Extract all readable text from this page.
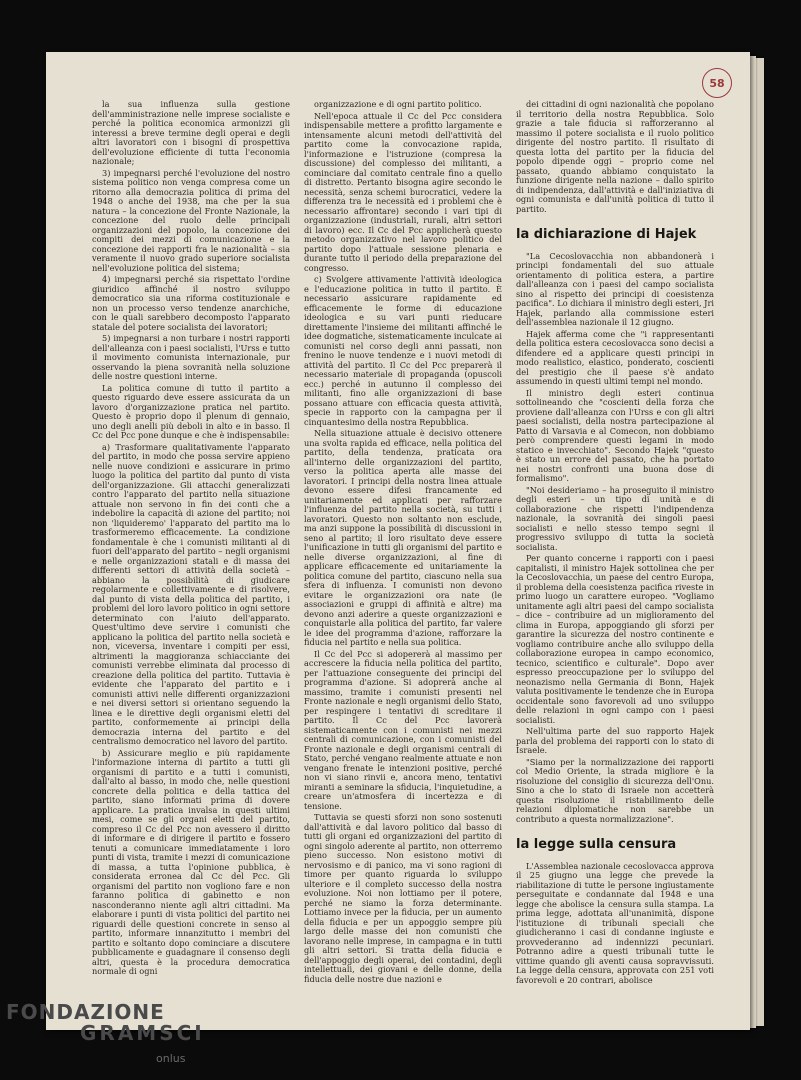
58

la sua influenza sulla gestione dell'amministrazione nelle imprese socialiste e perché la politica economica armonizzi gli interessi a breve termine degli operai e degli altri lavoratori con i bisogni di prospettiva dell'evoluzione efficiente di tutta l'economia nazionale;

3) impegnarsi perché l'evoluzione del nostro sistema politico non venga compresa come un ritorno alla democrazia politica di prima del 1948 o anche del 1938, ma che per la sua natura – la concezione del Fronte Nazionale, la concezione del ruolo delle principali organizzazioni del popolo, la concezione dei compiti dei mezzi di comunicazione e la concezione dei rapporti fra le nazionalità – sia veramente il nuovo grado superiore socialista nell'evoluzione politica del sistema;

4) impegnarsi perché sia rispettato l'ordine giuridico affinché il nostro sviluppo democratico sia una riforma costituzionale e non un processo verso tendenze anarchiche, con le quali sarebbero decomposto l'apparato statale del potere socialista dei lavoratori;

5) impegnarsi a non turbare i nostri rapporti dell'alleanza con i paesi socialisti, l'Urss e tutto il movimento comunista internazionale, pur osservando la piena sovranità nella soluzione delle nostre questioni interne.

La politica comune di tutto il partito a questo riguardo deve essere assicurata da un lavoro d'organizzazione pratica nel partito. Questo è proprio dopo il plenum di gennaio, uno degli anelli più deboli in alto e in basso. Il Cc del Pcc pone dunque e che è indispensabile:

a) Trasformare qualitativamente l'apparato del partito, in modo che possa servire appieno nelle nuove condizioni e assicurare in primo luogo la politica del partito dal punto di vista dell'organizzazione. Gli attacchi generalizzati contro l'apparato del partito nella situazione attuale non servono in fin dei conti che a indebolire la capacità di azione del partito; noi non 'liquideremo' l'apparato del partito ma lo trasformeremo efficacemente. La condizione fondamentale è che i comunisti militanti al di fuori dell'apparato del partito – negli organismi e nelle organizzazioni statali e di massa dei differenti settori di attività della società – abbiano la possibilità di giudicare regolarmente e collettivamente e di risolvere, dal punto di vista della politica del partito, i problemi del loro lavoro politico in ogni settore determinato con l'aiuto dell'apparato. Quest'ultimo deve servire i comunisti che applicano la politica del partito nella società e non, viceversa, inventare i compiti per essi, altrimenti la maggioranza schiacciante dei comunisti verrebbe eliminata dal processo di creazione della politica del partito. Tuttavia è evidente che l'apparato del partito e i comunisti attivi nelle differenti organizzazioni e nei diversi settori si orientano seguendo la linea e le direttive degli organismi eletti del partito, conformemente ai principi della democrazia interna del partito e del centralismo democratico nel lavoro del partito.

b) Assicurare meglio e più rapidamente l'informazione interna di partito a tutti gli organismi di partito e a tutti i comunisti, dall'alto al basso, in modo che, nelle questioni concrete della politica e della tattica del partito, siano informati prima di dovere applicare. La pratica invalsa in questi ultimi mesi, come se gli organi eletti del partito, compreso il Cc del Pcc non avessero il diritto di informare e di dirigere il partito e fossero tenuti a comunicare immediatamente i loro punti di vista, tramite i mezzi di comunicazione di massa, a tutta l'opinione pubblica, è considerata erronea dal Cc del Pcc. Gli organismi del partito non vogliono fare e non faranno politica di gabinetto e non nasconderanno niente agli altri cittadini. Ma elaborare i punti di vista politici del partito nei riguardi delle questioni concrete in senso al partito, informare innanzitutto i membri del partito e soltanto dopo cominciare a discutere pubblicamente e guadagnare il consenso degli altri, questa è la procedura democratica normale di ogni

organizzazione e di ogni partito politico.

Nell'epoca attuale il Cc del Pcc considera indispensabile mettere a profitto largamente e intensamente alcuni metodi dell'attività del partito come la convocazione rapida, l'informazione e l'istruzione (compresa la discussione) del complesso dei militanti, a cominciare dal comitato centrale fino a quello di distretto. Pertanto bisogna agire secondo le necessità, senza schemi burocratici, vedere la differenza tra le necessità ed i problemi che è necessario affrontare) secondo i vari tipi di organizzazione (industriali, rurali, altri settori di lavoro) ecc. Il Cc del Pcc applicherà questo metodo organizzativo nel lavoro politico del partito dopo l'attuale sessione plenaria e durante tutto il periodo della preparazione del congresso.

c) Svolgere attivamente l'attività ideologica e l'educazione politica in tutto il partito. È necessario assicurare rapidamente ed efficacemente le forme di educazione ideologica e su vari punti rieducare direttamente l'insieme dei militanti affinché le idee dogmatiche, sistematicamente inculcate ai comunisti nel corso degli anni passati, non frenino le nuove tendenze e i nuovi metodi di attività del partito. Il Cc del Pcc preparerà il necessario materiale di propaganda (opuscoli ecc.) perché in autunno il complesso dei militanti, fino alle organizzazioni di base possano attuare con efficacia questa attività, specie in rapporto con la campagna per il cinquantesimo della nostra Repubblica.

Nella situazione attuale è decisivo ottenere una svolta rapida ed efficace, nella politica del partito, della tendenza, praticata ora all'interno delle organizzazioni del partito, verso la politica aperta alle masse dei lavoratori. I principi della nostra linea attuale devono essere difesi francamente ed unitariamente ed applicati per rafforzare l'influenza del partito nella società, su tutti i lavoratori. Questo non soltanto non esclude, ma anzi suppone la possibilità di discussioni in seno al partito; il loro risultato deve essere l'unificazione in tutti gli organismi del partito e nelle diverse organizzazioni, al fine di applicare efficacemente ed unitariamente la politica comune del partito, ciascuno nella sua sfera di influenza. I comunisti non devono evitare le organizzazioni ora nate (le associazioni e gruppi di affinità e altre) ma devono anzi aderire a queste organizzazioni e conquistarle alla politica del partito, far valere le idee del programma d'azione, rafforzare la fiducia nel partito e nella sua politica.

Il Cc del Pcc si adopererà al massimo per accrescere la fiducia nella politica del partito, per l'attuazione conseguente dei principi del programma d'azione. Si adoprerà anche al massimo, tramite i comunisti presenti nel Fronte nazionale e negli organismi dello Stato, per respingere i tentativi di screditare il partito. Il Cc del Pcc lavorerà sistematicamente con i comunisti nei mezzi centrali di comunicazione, con i comunisti del Fronte nazionale e degli organismi centrali di Stato, perché vengano realmente attuate e non vengano frenate le intenzioni positive, perché non vi siano rinvii e, ancora meno, tentativi miranti a seminare la sfiducia, l'inquietudine, a creare un'atmosfera di incertezza e di tensione.

Tuttavia se questi sforzi non sono sostenuti dall'attività e dal lavoro politico dal basso di tutti gli organi ed organizzazioni del partito di ogni singolo aderente al partito, non otterremo pieno successo. Non esistono motivi di nervosismo e di panico, ma vi sono ragioni di timore per quanto riguarda lo sviluppo ulteriore e il completo successo della nostra evoluzione. Noi non lottiamo per il potere, perché ne siamo la forza determinante. Lottiamo invece per la fiducia, per un aumento della fiducia e per un appoggio sempre più largo delle masse dei non comunisti che lavorano nelle imprese, in campagna e in tutti gli altri settori. Si tratta della fiducia e dell'appoggio degli operai, dei contadini, degli intellettuali, dei giovani e delle donne, della fiducia delle nostre due nazioni e

dei cittadini di ogni nazionalità che popolano il territorio della nostra Repubblica. Solo grazie a tale fiducia si rafforzeranno al massimo il potere socialista e il ruolo politico dirigente del nostro partito. Il risultato di questa lotta del partito per la fiducia del popolo dipende oggi – proprio come nel passato, quando abbiamo conquistato la funzione dirigente nella nazione – dallo spirito di indipendenza, dall'attività e dall'iniziativa di ogni comunista e dall'unità politica di tutto il partito.

la dichiarazione di Hajek

"La Cecoslovacchia non abbandonerà i principi fondamentali del suo attuale orientamento di politica estera, a partire dall'alleanza con i paesi del campo socialista sino al rispetto dei principi di coesistenza pacifica". Lo dichiara il ministro degli esteri, Jri Hajek, parlando alla commissione esteri dell'assemblea nazionale il 12 giugno.

Hajek afferma come che "i rappresentanti della politica estera cecoslovacca sono decisi a difendere ed a applicare questi principi in modo realistico, elastico, ponderato, coscienti del prestigio che il paese s'è andato assumendo in questi ultimi tempi nel mondo.

Il ministro degli esteri continua sottolineando che "coscienti della forza che proviene dall'alleanza con l'Urss e con gli altri paesi socialisti, della nostra partecipazione al Patto di Varsavia e al Comecon, non dobbiamo però comprendere questi legami in modo statico e invecchiato". Secondo Hajek "questo è stato un errore del passato, che ha portato nei nostri confronti una buona dose di formalismo".

"Noi desideriamo – ha proseguito il ministro degli esteri – un tipo di unità e di collaborazione che rispetti l'indipendenza nazionale, la sovranità dei singoli paesi socialisti e nello stesso tempo segni il progressivo sviluppo di tutta la società socialista.

Per quanto concerne i rapporti con i paesi capitalisti, il ministro Hajek sottolinea che per la Cecoslovacchia, un paese del centro Europa, il problema della coesistenza pacifica riveste in primo luogo un carattere europeo. "Vogliamo unitamente agli altri paesi del campo socialista – dice – contribuire ad un miglioramento del clima in Europa, appoggiando gli sforzi per garantire la sicurezza del nostro continente e vogliamo contribuire anche allo sviluppo della collaborazione europea in campo economico, tecnico, scientifico e culturale". Dopo aver espresso preoccupazione per lo sviluppo del neonazismo nella Germania di Bonn, Hajek valuta positivamente le tendenze che in Europa occidentale sono favorevoli ad uno sviluppo delle relazioni in ogni campo con i paesi socialisti.

Nell'ultima parte del suo rapporto Hajek parla del problema dei rapporti con lo stato di Israele.

"Siamo per la normalizzazione dei rapporti col Medio Oriente, la strada migliore è la risoluzione del consiglio di sicurezza dell'Onu. Sino a che lo stato di Israele non accetterà questa risoluzione il ristabilimento delle relazioni diplomatiche non sarebbe un contributo a questa normalizzazione".

la legge sulla censura

L'Assemblea nazionale cecoslovacca approva il 25 giugno una legge che prevede la riabilitazione di tutte le persone ingiustamente perseguitate e condannate dal 1948 e una legge che abolisce la censura sulla stampa. La prima legge, adottata all'unanimità, dispone l'istituzione di tribunali speciali che giudicheranno i casi di condanne ingiuste e provvederanno ad indennizzi pecuniari. Potranno adire a questi tribunali tutte le vittime quando gli aventi causa sopravvissuti. La legge della censura, approvata con 251 voti favorevoli e 20 contrari, abolisce

FONDAZIONE
GRAMSCI
onlus
